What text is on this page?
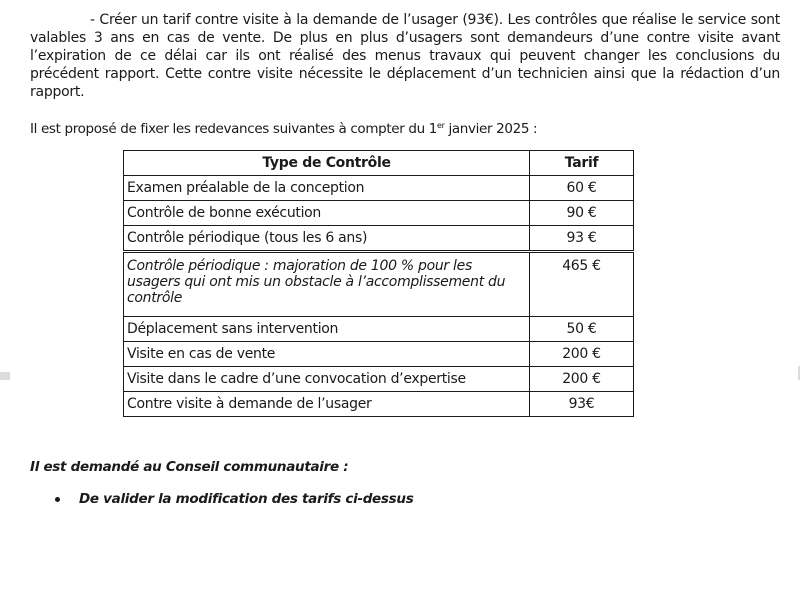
- Créer un tarif contre visite à la demande de l’usager (93€). Les contrôles que réalise le service sont valables 3 ans en cas de vente. De plus en plus d’usagers sont demandeurs d’une contre visite avant l’expiration de ce délai car ils ont réalisé des menus travaux qui peuvent changer les conclusions du précédent rapport. Cette contre visite nécessite le déplacement d’un technicien ainsi que la rédaction d’un rapport.

Il est proposé de fixer les redevances suivantes à compter du 1er janvier 2025 :

Type de Contrôle	Tarif
Examen préalable de la conception	60 €
Contrôle de bonne exécution	90 €
Contrôle périodique (tous les 6 ans)	93 €
Contrôle périodique : majoration de 100 % pour les usagers qui ont mis un obstacle à l’accomplissement du contrôle	465 €
Déplacement sans intervention	50 €
Visite en cas de vente	200 €
Visite dans le cadre d’une convocation d’expertise	200 €
Contre visite à demande de l’usager	93€

Il est demandé au Conseil communautaire :

De valider la modification des tarifs ci-dessus
